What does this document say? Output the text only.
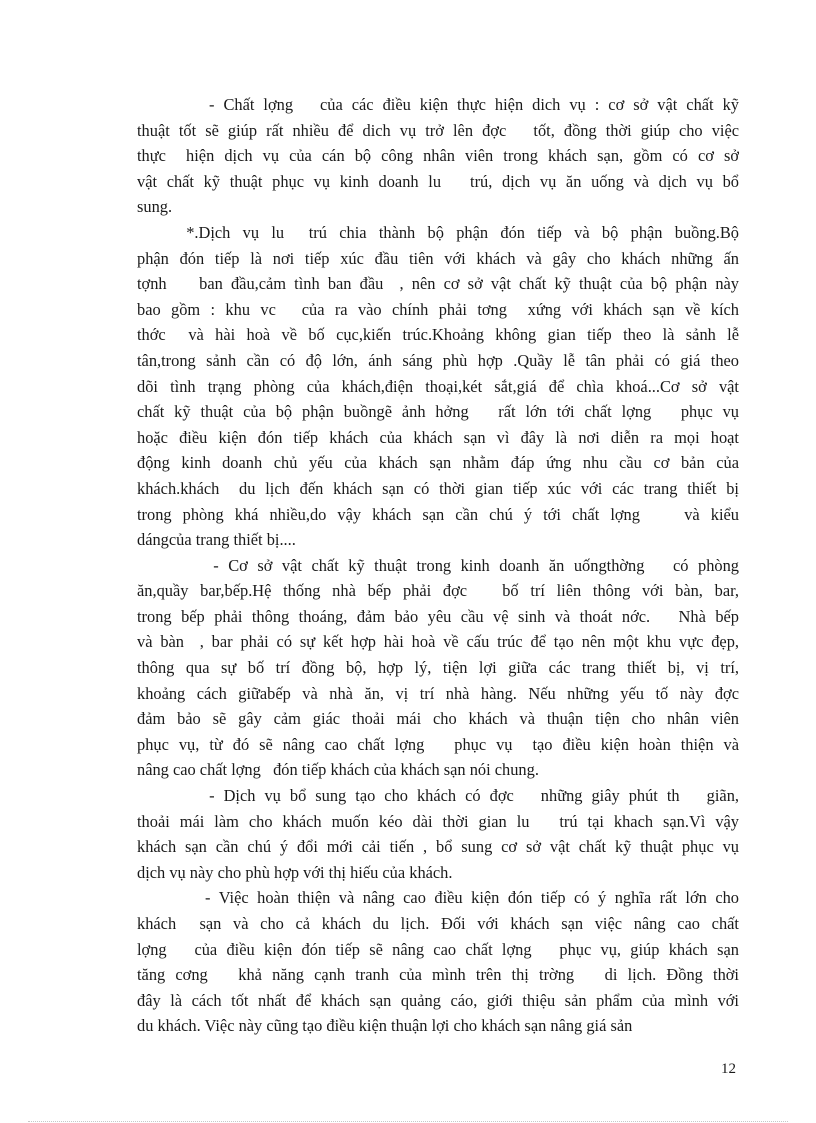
- Chất lợng   của các điều kiện thực hiện dich vụ : cơ sở vật chất kỹ
thuật tốt sẽ giúp rất nhiều để dich vụ trở lên đợc   tốt, đồng thời giúp cho việc
thực  hiện dịch vụ của cán bộ công nhân viên trong khách sạn, gồm có cơ sở
vật chất kỹ thuật phục vụ kinh doanh lu   trú, dịch vụ ăn uống và dịch vụ bổ
sung.

*.Dịch  vụ  lu    trú  chia  thành  bộ  phận  đón  tiếp  và  bộ  phận  buồng.Bộ
phận  đón  tiếp  là  nơi  tiếp  xúc  đầu  tiên  với  khách  và  gây  cho  khách  những  ấn
tợnh    ban đầu,cảm tình ban đầu  , nên cơ sở vật chất kỹ thuật của bộ phận này
bao  gồm  :  khu  vc     của  ra  vào  chính  phải  tơng    xứng  với  khách  sạn  về  kích
thớc    và  hài  hoà  về  bố  cục,kiến  trúc.Khoảng  không  gian  tiếp  theo  là  sảnh  lễ
tân,trong sảnh cần có độ lớn, ánh sáng phù hợp .Quầy lễ tân phải có giá theo
dõi tình trạng phòng của khách,điện thoại,két sắt,giá để chìa khoá...Cơ sở vật
chất kỹ thuật của bộ phận buồngẽ ảnh hởng   rất lớn tới chất lợng   phục vụ
hoặc  điều  kiện  đón  tiếp  khách  của  khách  sạn  vì  đây  là  nơi  diễn  ra  mọi  hoạt
động kinh doanh chủ yếu của khách sạn nhằm đáp ứng nhu cầu cơ bản của
khách.khách  du lịch đến khách sạn có thời gian tiếp xúc với các trang thiết bị
trong phòng khá nhiều,do vậy khách sạn cần chú ý tới chất lợng    và kiểu
dángcủa trang thiết bị....

- Cơ sở vật chất kỹ thuật trong kinh doanh ăn uốngthờng   có phòng
ăn,quầy bar,bếp.Hệ thống nhà bếp phải đợc   bố trí liên thông với bàn, bar,
trong bếp phải thông thoáng, đảm bảo yêu cầu vệ sinh và thoát nớc.   Nhà bếp
và bàn  , bar phải có sự kết hợp hài hoà về cấu trúc để tạo nên một khu vực đẹp,
thông qua sự bố trí đồng bộ, hợp lý, tiện lợi giữa các trang thiết bị, vị trí,
khoảng cách giữabếp và nhà ăn, vị trí nhà hàng. Nếu những yếu tố này đợc
đảm bảo sẽ gây cảm giác thoải mái cho khách và thuận tiện cho nhân viên
phục vụ, từ đó sẽ nâng cao chất lợng   phục vụ  tạo điều kiện hoàn thiện và
nâng cao chất lợng   đón tiếp khách của khách sạn nói chung.

- Dịch vụ bổ sung tạo cho khách có đợc   những giây phút th   giãn,
thoải mái làm cho khách muốn kéo dài thời gian lu   trú tại khach sạn.Vì vậy
khách sạn cần chú ý đổi mới cải tiến , bổ sung cơ sở vật chất kỹ thuật phục vụ
dịch vụ này cho phù hợp với thị hiếu của khách.

- Việc hoàn thiện và nâng cao điều kiện đón tiếp có ý nghĩa rất lớn cho
khách  sạn và cho cả khách du lịch. Đối với khách sạn việc nâng cao chất
lợng   của điều kiện đón tiếp sẽ nâng cao chất lợng   phục vụ, giúp khách sạn
tăng cơng   khả năng cạnh tranh của mình trên thị trờng   di lịch. Đồng thời
đây là cách tốt nhất để khách sạn quảng cáo, giới thiệu sản phẩm của mình với
du khách. Việc này cũng tạo điều kiện thuận lợi cho khách sạn nâng giá sản

12
